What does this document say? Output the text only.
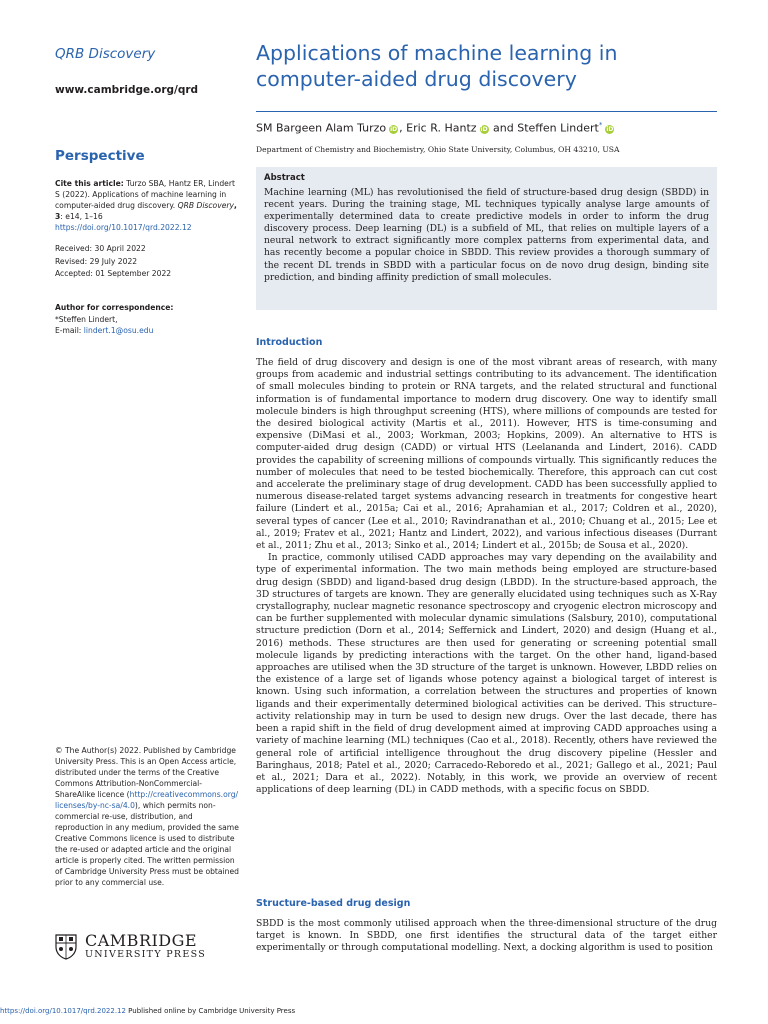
QRB Discovery
www.cambridge.org/qrd
Perspective
Cite this article: Turzo SBA, Hantz ER, Lindert S (2022). Applications of machine learning in computer-aided drug discovery. QRB Discovery, 3: e14, 1–16
https://doi.org/10.1017/qrd.2022.12
Received: 30 April 2022
Revised: 29 July 2022
Accepted: 01 September 2022
Author for correspondence:
*Steffen Lindert,
E-mail: lindert.1@osu.edu
© The Author(s) 2022. Published by Cambridge University Press. This is an Open Access article, distributed under the terms of the Creative Commons Attribution-NonCommercial-ShareAlike licence (http://creativecommons.org/licenses/by-nc-sa/4.0), which permits non-commercial re-use, distribution, and reproduction in any medium, provided the same Creative Commons licence is used to distribute the re-used or adapted article and the original article is properly cited. The written permission of Cambridge University Press must be obtained prior to any commercial use.
CAMBRIDGE
UNIVERSITY PRESS
Applications of machine learning in computer-aided drug discovery
SM Bargeen Alam Turzo iD , Eric R. Hantz iD and Steffen Lindert*iD
Department of Chemistry and Biochemistry, Ohio State University, Columbus, OH 43210, USA
Abstract
Machine learning (ML) has revolutionised the field of structure-based drug design (SBDD) in recent years. During the training stage, ML techniques typically analyse large amounts of experimentally determined data to create predictive models in order to inform the drug discovery process. Deep learning (DL) is a subfield of ML, that relies on multiple layers of a neural network to extract significantly more complex patterns from experimental data, and has recently become a popular choice in SBDD. This review provides a thorough summary of the recent DL trends in SBDD with a particular focus on de novo drug design, binding site prediction, and binding affinity prediction of small molecules.
Introduction

The field of drug discovery and design is one of the most vibrant areas of research, with many groups from academic and industrial settings contributing to its advancement. The identification of small molecules binding to protein or RNA targets, and the related structural and functional information is of fundamental importance to modern drug discovery. One way to identify small molecule binders is high throughput screening (HTS), where millions of compounds are tested for the desired biological activity (Martis et al., 2011). However, HTS is time-consuming and expensive (DiMasi et al., 2003; Workman, 2003; Hopkins, 2009). An alternative to HTS is computer-aided drug design (CADD) or virtual HTS (Leelananda and Lindert, 2016). CADD provides the capability of screening millions of compounds virtually. This significantly reduces the number of molecules that need to be tested biochemically. Therefore, this approach can cut cost and accelerate the preliminary stage of drug development. CADD has been successfully applied to numerous disease-related target systems advancing research in treatments for congestive heart failure (Lindert et al., 2015a; Cai et al., 2016; Aprahamian et al., 2017; Coldren et al., 2020), several types of cancer (Lee et al., 2010; Ravindranathan et al., 2010; Chuang et al., 2015; Lee et al., 2019; Fratev et al., 2021; Hantz and Lindert, 2022), and various infectious diseases (Durrant et al., 2011; Zhu et al., 2013; Sinko et al., 2014; Lindert et al., 2015b; de Sousa et al., 2020).

In practice, commonly utilised CADD approaches may vary depending on the availability and type of experimental information. The two main methods being employed are structure-based drug design (SBDD) and ligand-based drug design (LBDD). In the structure-based approach, the 3D structures of targets are known. They are generally elucidated using techniques such as X-Ray crystallography, nuclear magnetic resonance spectroscopy and cryogenic electron microscopy and can be further supplemented with molecular dynamic simulations (Salsbury, 2010), computational structure prediction (Dorn et al., 2014; Seffernick and Lindert, 2020) and design (Huang et al., 2016) methods. These structures are then used for generating or screening potential small molecule ligands by predicting interactions with the target. On the other hand, ligand-based approaches are utilised when the 3D structure of the target is unknown. However, LBDD relies on the existence of a large set of ligands whose potency against a biological target of interest is known. Using such information, a correlation between the structures and properties of known ligands and their experimentally determined biological activities can be derived. This structure–activity relationship may in turn be used to design new drugs. Over the last decade, there has been a rapid shift in the field of drug development aimed at improving CADD approaches using a variety of machine learning (ML) techniques (Cao et al., 2018). Recently, others have reviewed the general role of artificial intelligence throughout the drug discovery pipeline (Hessler and Baringhaus, 2018; Patel et al., 2020; Carracedo-Reboredo et al., 2021; Gallego et al., 2021; Paul et al., 2021; Dara et al., 2022). Notably, in this work, we provide an overview of recent applications of deep learning (DL) in CADD methods, with a specific focus on SBDD.

Structure-based drug design

SBDD is the most commonly utilised approach when the three-dimensional structure of the drug target is known. In SBDD, one first identifies the structural data of the target either experimentally or through computational modelling. Next, a docking algorithm is used to position

https://doi.org/10.1017/qrd.2022.12 Published online by Cambridge University Press
